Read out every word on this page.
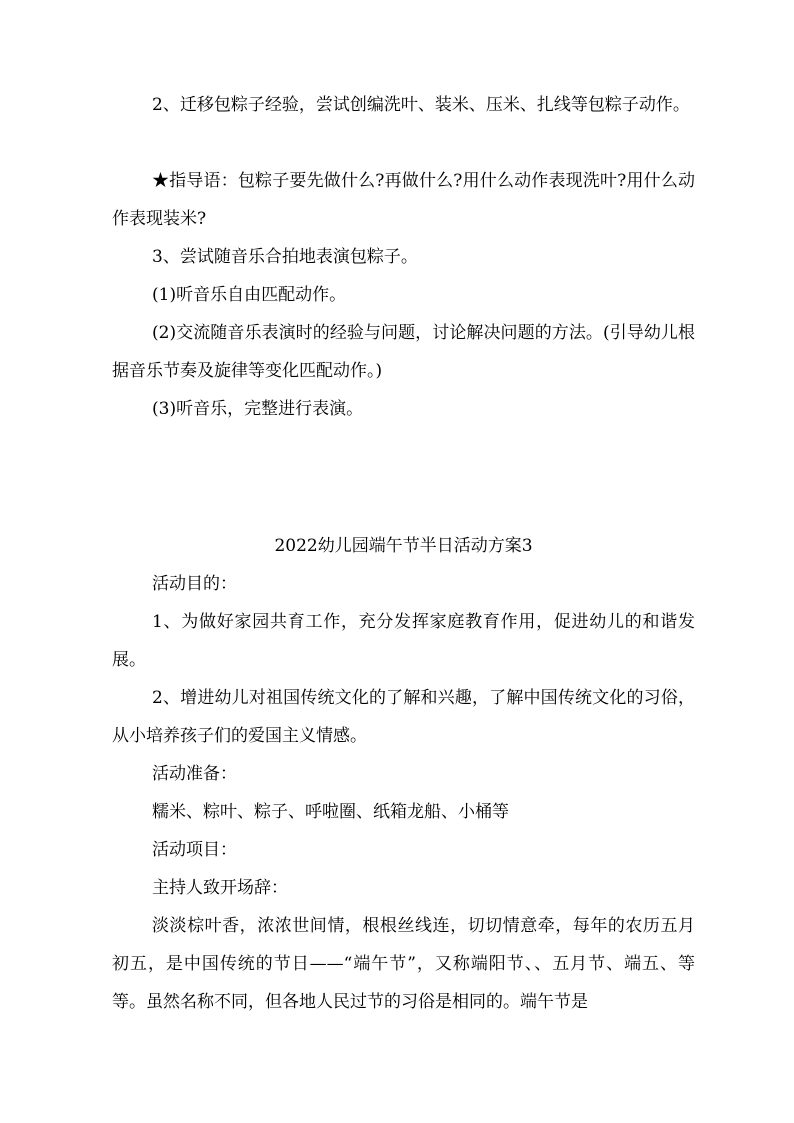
2、迁移包粽子经验，尝试创编洗叶、装米、压米、扎线等包粽子动作。

★指导语：包粽子要先做什么?再做什么?用什么动作表现洗叶?用什么动作表现装米?

3、尝试随音乐合拍地表演包粽子。

(1)听音乐自由匹配动作。

(2)交流随音乐表演时的经验与问题，讨论解决问题的方法。(引导幼儿根据音乐节奏及旋律等变化匹配动作。)

(3)听音乐，完整进行表演。

2022幼儿园端午节半日活动方案3

活动目的：

1、为做好家园共育工作，充分发挥家庭教育作用，促进幼儿的和谐发展。

2、增进幼儿对祖国传统文化的了解和兴趣，了解中国传统文化的习俗，从小培养孩子们的爱国主义情感。

活动准备：

糯米、粽叶、粽子、呼啦圈、纸箱龙船、小桶等

活动项目：

主持人致开场辞：

淡淡棕叶香，浓浓世间情，根根丝线连，切切情意牵，每年的农历五月初五，是中国传统的节日——“端午节”，又称端阳节、、五月节、端五、等等。虽然名称不同，但各地人民过节的习俗是相同的。端午节是
